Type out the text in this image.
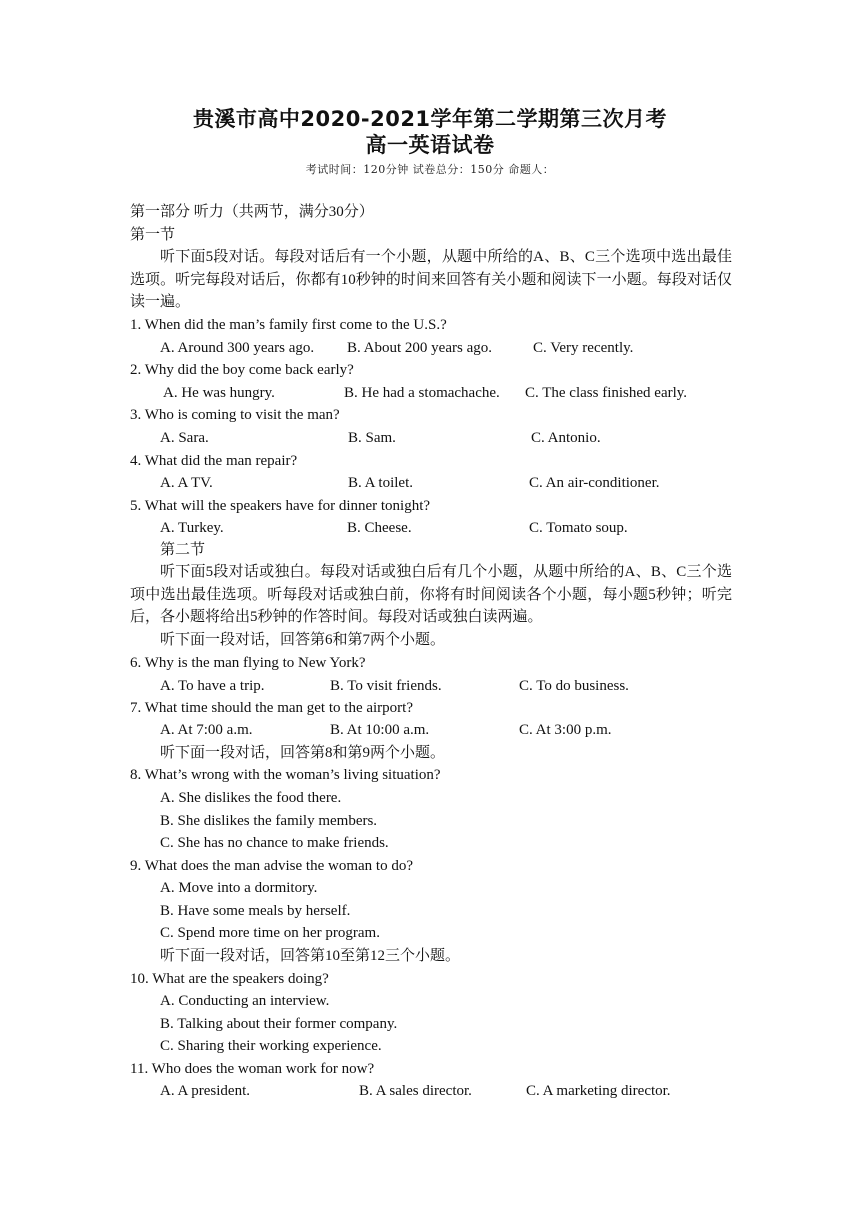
贵溪市高中2020-2021学年第二学期第三次月考
高一英语试卷
考试时间：120分钟 试卷总分：150分 命题人：
第一部分 听力（共两节，满分30分）
第一节
听下面5段对话。每段对话后有一个小题，从题中所给的A、B、C三个选项中选出最佳选项。听完每段对话后，你都有10秒钟的时间来回答有关小题和阅读下一小题。每段对话仅读一遍。
1. When did the man’s family first come to the U.S.?
A. Around 300 years ago. B. About 200 years ago.	C. Very recently.
2. Why did the boy come back early?
A. He was hungry.	B. He had a stomachache. C. The class finished early.
3. Who is coming to visit the man?
A. Sara.	B. Sam.	C. Antonio.
4. What did the man repair?
A. A TV.	B. A toilet.	C. An air-conditioner.
5. What will the speakers have for dinner tonight?
A. Turkey.	B. Cheese.	C. Tomato soup.
第二节
听下面5段对话或独白。每段对话或独白后有几个小题，从题中所给的A、B、C三个选项中选出最佳选项。听每段对话或独白前，你将有时间阅读各个小题，每小题5秒钟；听完后，各小题将给出5秒钟的作答时间。每段对话或独白读两遍。
听下面一段对话，回答第6和第7两个小题。
6. Why is the man flying to New York?
A. To have a trip.	B. To visit friends.	C. To do business.
7. What time should the man get to the airport?
A. At 7:00 a.m.	B. At 10:00 a.m.	C. At 3:00 p.m.
听下面一段对话，回答第8和第9两个小题。
8. What’s wrong with the woman’s living situation?
A. She dislikes the food there.
B. She dislikes the family members.
C. She has no chance to make friends.
9. What does the man advise the woman to do?
A. Move into a dormitory.
B. Have some meals by herself.
C. Spend more time on her program.
听下面一段对话，回答第10至第12三个小题。
10. What are the speakers doing?
A. Conducting an interview.
B. Talking about their former company.
C. Sharing their working experience.
11. Who does the woman work for now?
A. A president.	B. A sales director.	C. A marketing director.
